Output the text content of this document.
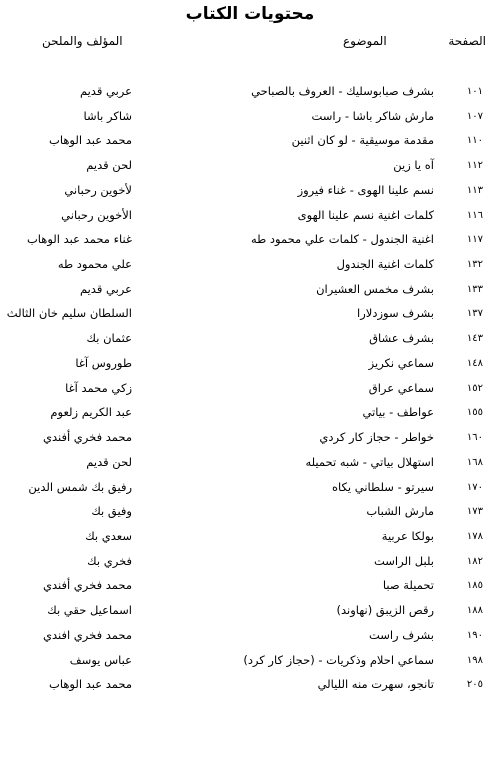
محتويات الكتاب
الصفحة
الموضوع
المؤلف والملحن
١٠١
بشرف صبابوسليك - العروف بالصباحي
عربي قديم
١٠٧
مارش شاكر باشا - راست
شاكر باشا
١١٠
مقدمة موسيقية - لو كان اثنين
محمد عبد الوهاب
١١٢
آه يا زين
لحن قديم
١١٣
نسم علينا الهوى - غناء فيروز
لأخوين رحباني
١١٦
كلمات اغنية نسم علينا الهوى
الأخوين رحباني
١١٧
اغنية الجندول - كلمات علي محمود طه
غناء محمد عبد الوهاب
١٣٢
كلمات اغنية الجندول
علي محمود طه
١٣٣
بشرف مخمس العشيران
عربي قديم
١٣٧
بشرف سوزدلارا
السلطان سليم خان الثالث
١٤٣
بشرف عشاق
عثمان بك
١٤٨
سماعي نكريز
طوروس آغا
١٥٢
سماعي عراق
زكي محمد آغا
١٥٥
عواطف - بياتي
عبد الكريم زلعوم
١٦٠
خواطر - حجاز كار كردي
محمد فخري أفندي
١٦٨
استهلال بياتي - شبه تحميله
لحن قديم
١٧٠
سيرتو - سلطاني يكاه
رفيق بك شمس الدين
١٧٣
مارش الشباب
وفيق بك
١٧٨
بولكا عربية
سعدي بك
١٨٢
بلبل الراست
فخري بك
١٨٥
تحميلة صبا
محمد فخري أفندي
١٨٨
رقص الزيبق (نهاوند)
اسماعيل حقي بك
١٩٠
بشرف راست
محمد فخري افندي
١٩٨
سماعي احلام وذكريات - (حجاز كار كرد)
عباس يوسف
٢٠٥
تانجو، سهرت منه الليالي
محمد عبد الوهاب
